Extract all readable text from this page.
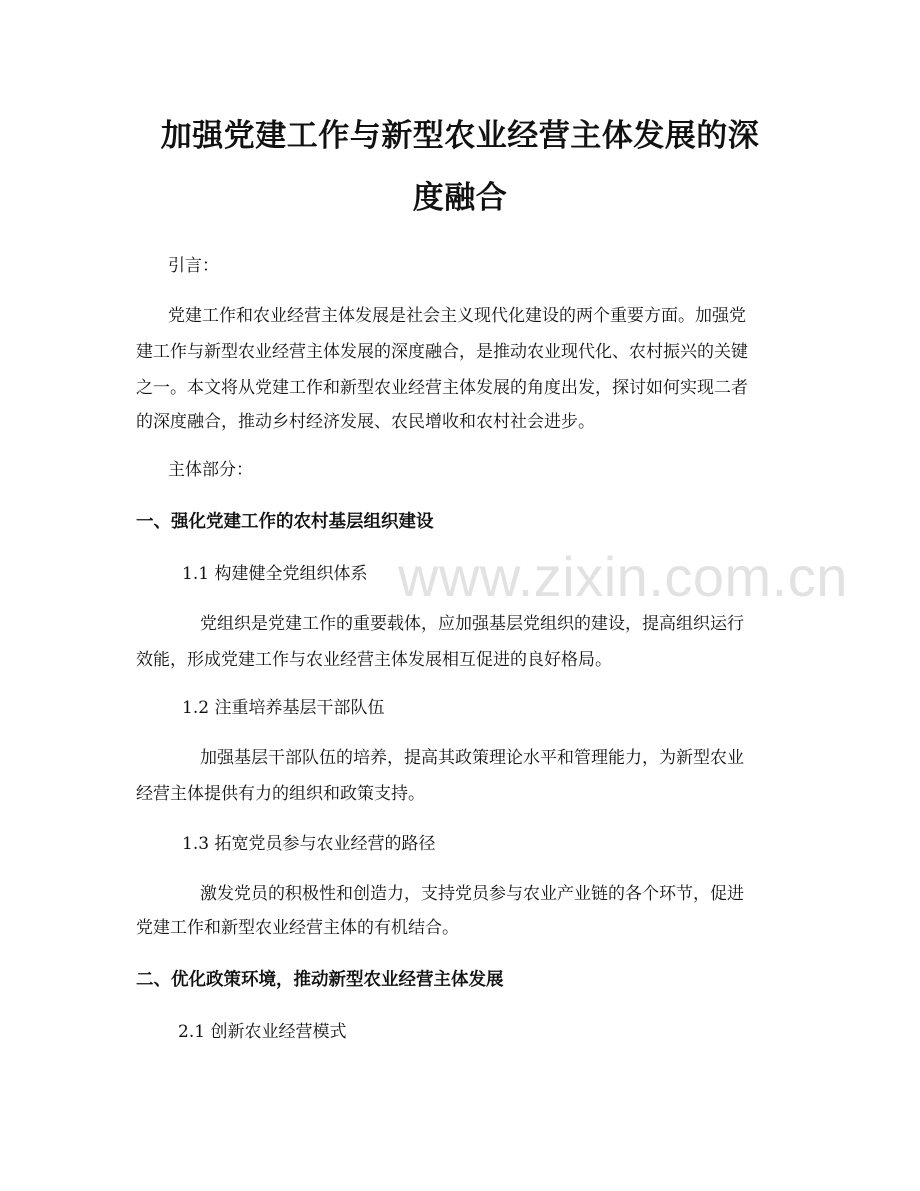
加强党建工作与新型农业经营主体发展的深
度融合
引言：
党建工作和农业经营主体发展是社会主义现代化建设的两个重要方面。加强党
建工作与新型农业经营主体发展的深度融合，是推动农业现代化、农村振兴的关键
之一。本文将从党建工作和新型农业经营主体发展的角度出发，探讨如何实现二者
的深度融合，推动乡村经济发展、农民增收和农村社会进步。
主体部分：
一、强化党建工作的农村基层组织建设
1.1 构建健全党组织体系
党组织是党建工作的重要载体，应加强基层党组织的建设，提高组织运行
效能，形成党建工作与农业经营主体发展相互促进的良好格局。
1.2 注重培养基层干部队伍
加强基层干部队伍的培养，提高其政策理论水平和管理能力，为新型农业
经营主体提供有力的组织和政策支持。
1.3 拓宽党员参与农业经营的路径
激发党员的积极性和创造力，支持党员参与农业产业链的各个环节，促进
党建工作和新型农业经营主体的有机结合。
二、优化政策环境，推动新型农业经营主体发展
2.1 创新农业经营模式
www.zixin.com.cn
